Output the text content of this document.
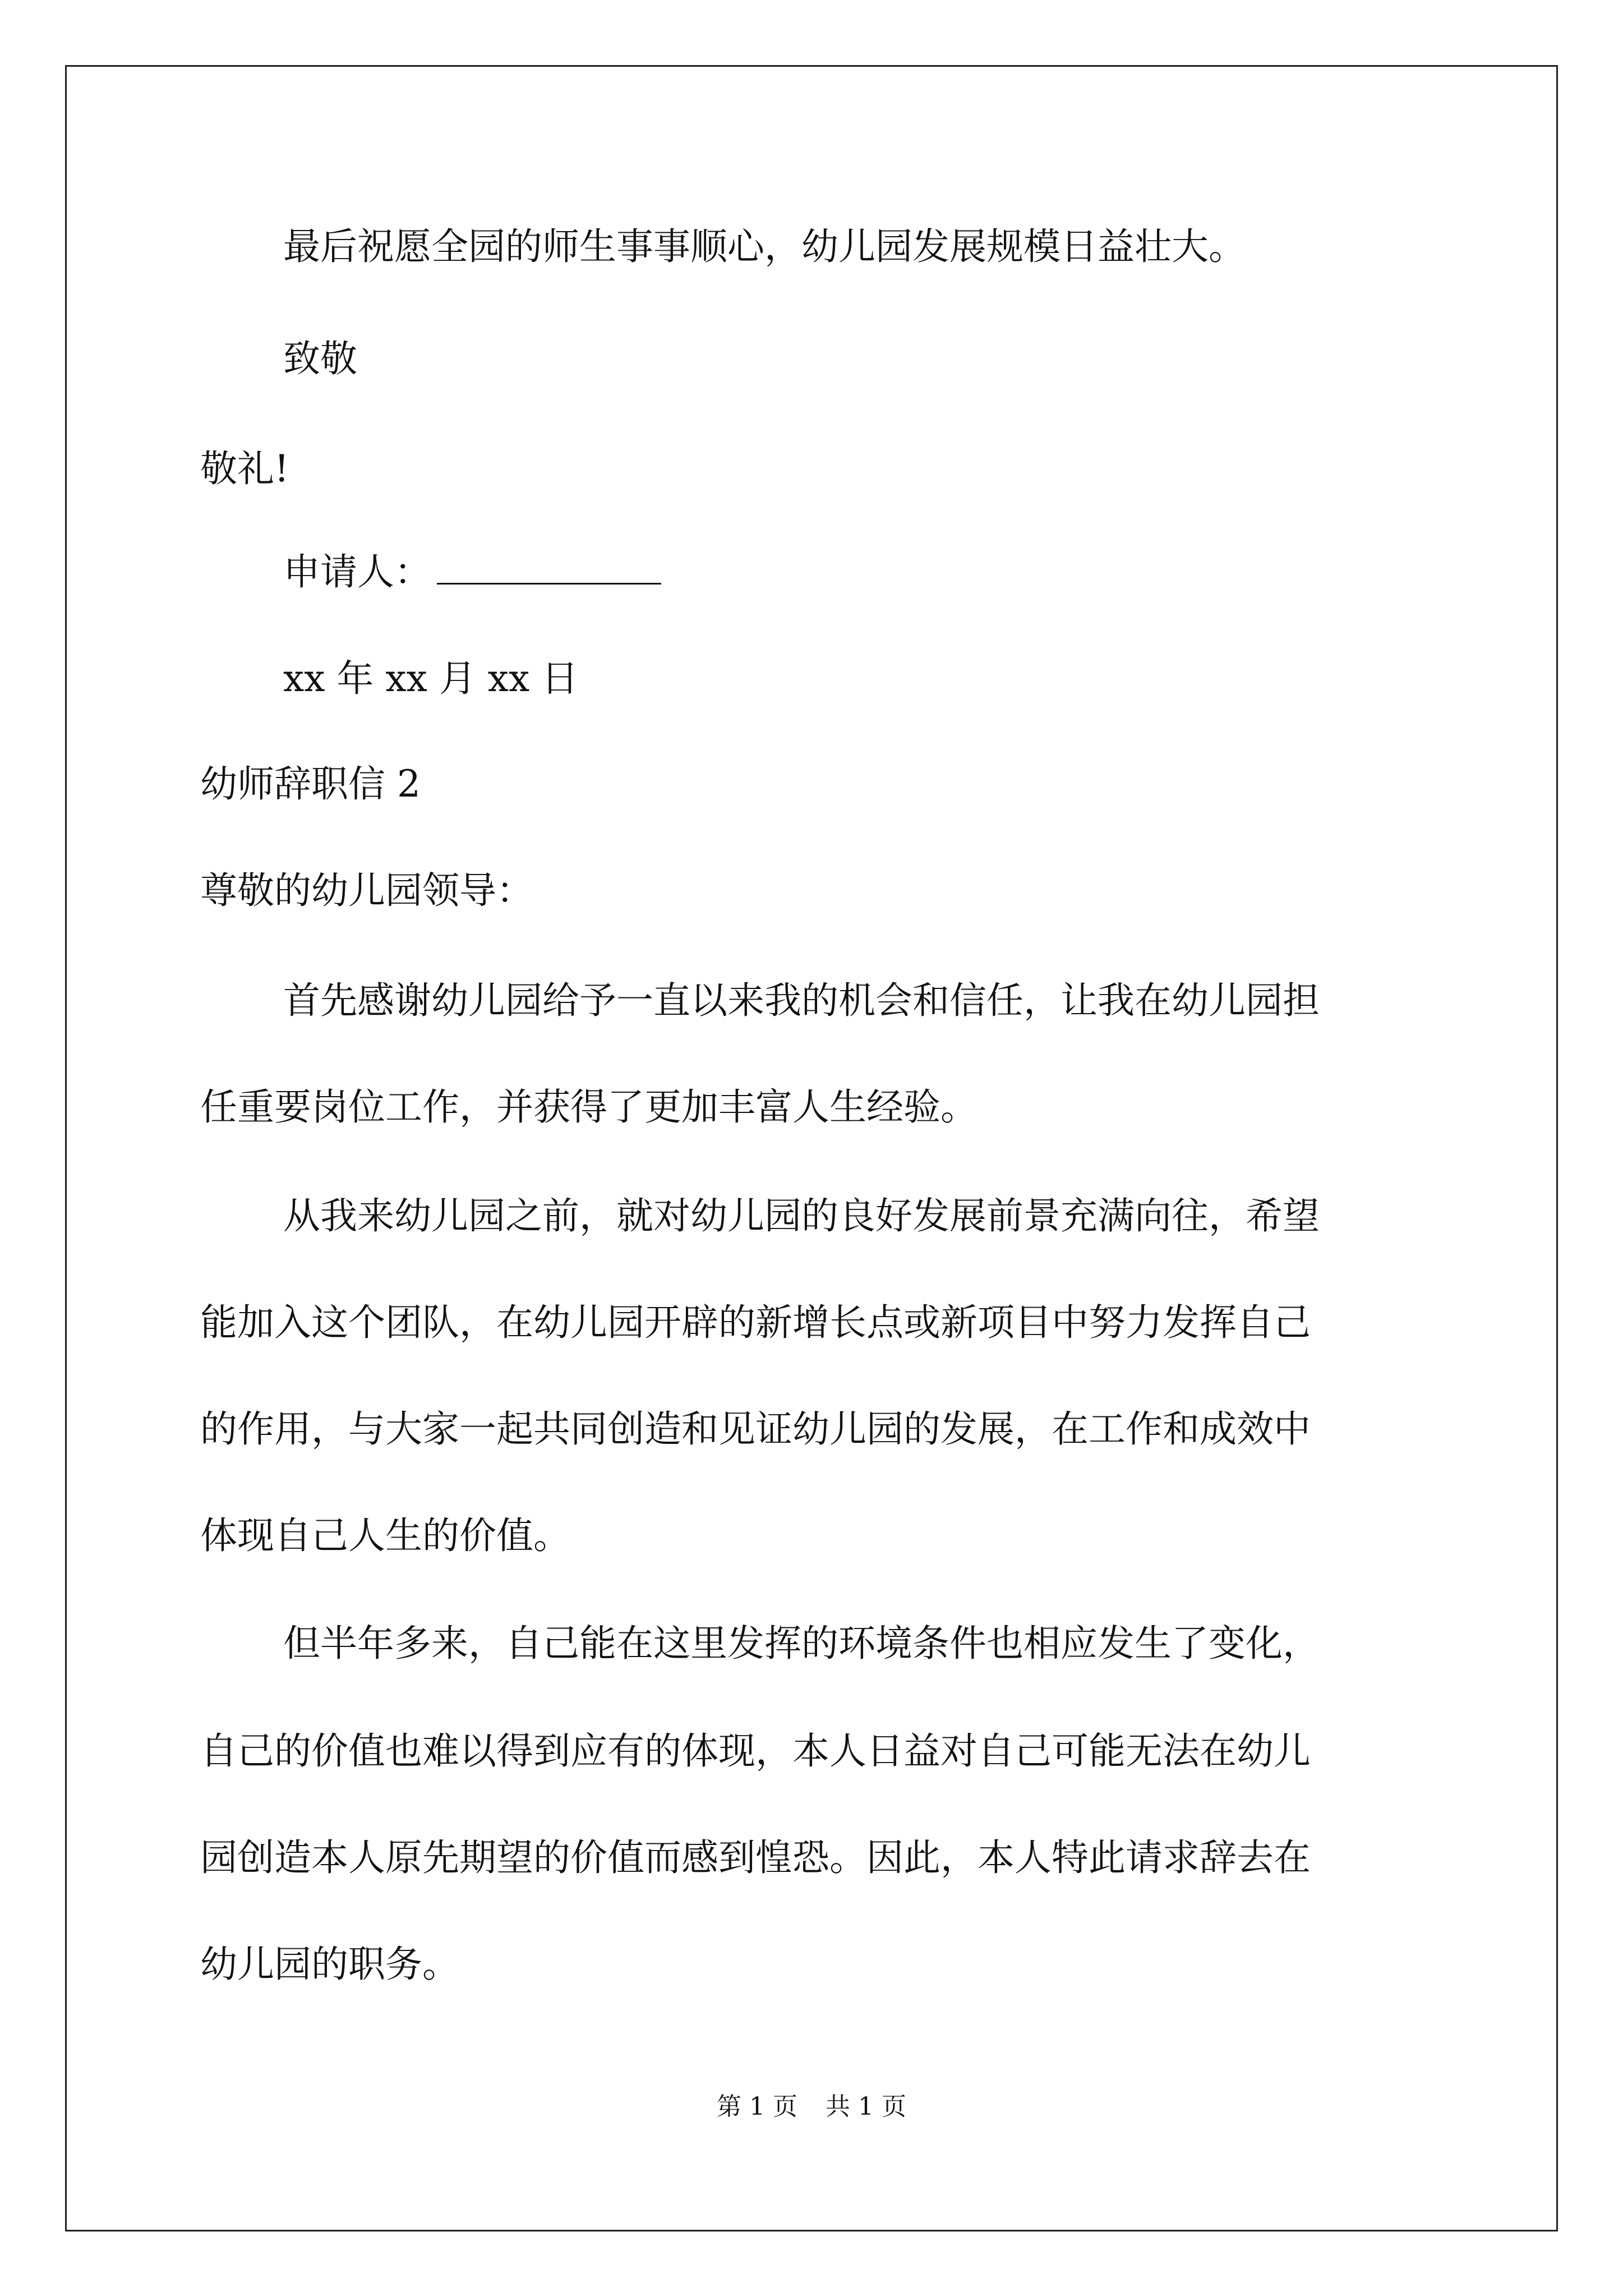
最后祝愿全园的师生事事顺心，幼儿园发展规模日益壮大。
致敬
敬礼!
申请人：
xx 年 xx 月 xx 日
幼师辞职信 2
尊敬的幼儿园领导：
首先感谢幼儿园给予一直以来我的机会和信任，让我在幼儿园担
任重要岗位工作，并获得了更加丰富人生经验。
从我来幼儿园之前，就对幼儿园的良好发展前景充满向往，希望
能加入这个团队，在幼儿园开辟的新增长点或新项目中努力发挥自己
的作用，与大家一起共同创造和见证幼儿园的发展，在工作和成效中
体现自己人生的价值。
但半年多来，自己能在这里发挥的环境条件也相应发生了变化，
自己的价值也难以得到应有的体现，本人日益对自己可能无法在幼儿
园创造本人原先期望的价值而感到惶恐。因此，本人特此请求辞去在
幼儿园的职务。
第 1 页 共 1 页
